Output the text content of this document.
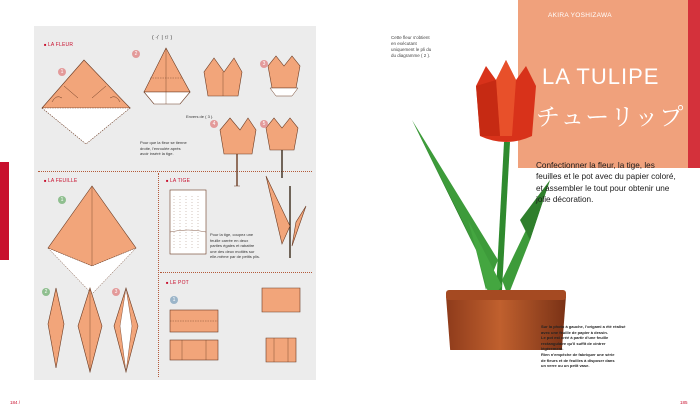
■ LA FLEUR
■ LA FEUILLE
■	LA TIGE
■ LE POT
( イ | ロ )
1
2
3
4	5
1
2	3
1
Envers de ( 3 ).
Pour que la fleur se tienne
droite, l'enroulée après
avoir inséré la tige.
Pour la tige, coupez une
feuille carrée en deux
parties égales et rabattre
une des deux moitiés sur
elle-même par de petits plis.
184 /
AKIRA YOSHIZAWA
LA TULIPE
チューリップ
Cette fleur s'obtient
en exécutant
uniquement le pli du
du diagramme ( 2 ).
Confectionner la fleur, la tige, les feuilles et le pot avec du papier coloré, et assembler le tout pour obtenir une jolie décoration.
Sur la photo à gauche, l'origami a été réalisé
avec une feuille de papier à dessin.
Le pot est créé à partir d'une feuille
rectangulaire qu'il suffit de cintrer
légèrement.
Rien n'empêche de fabriquer une série
de fleurs et de feuilles à disposer dans
un verre ou un petit vase.
185
